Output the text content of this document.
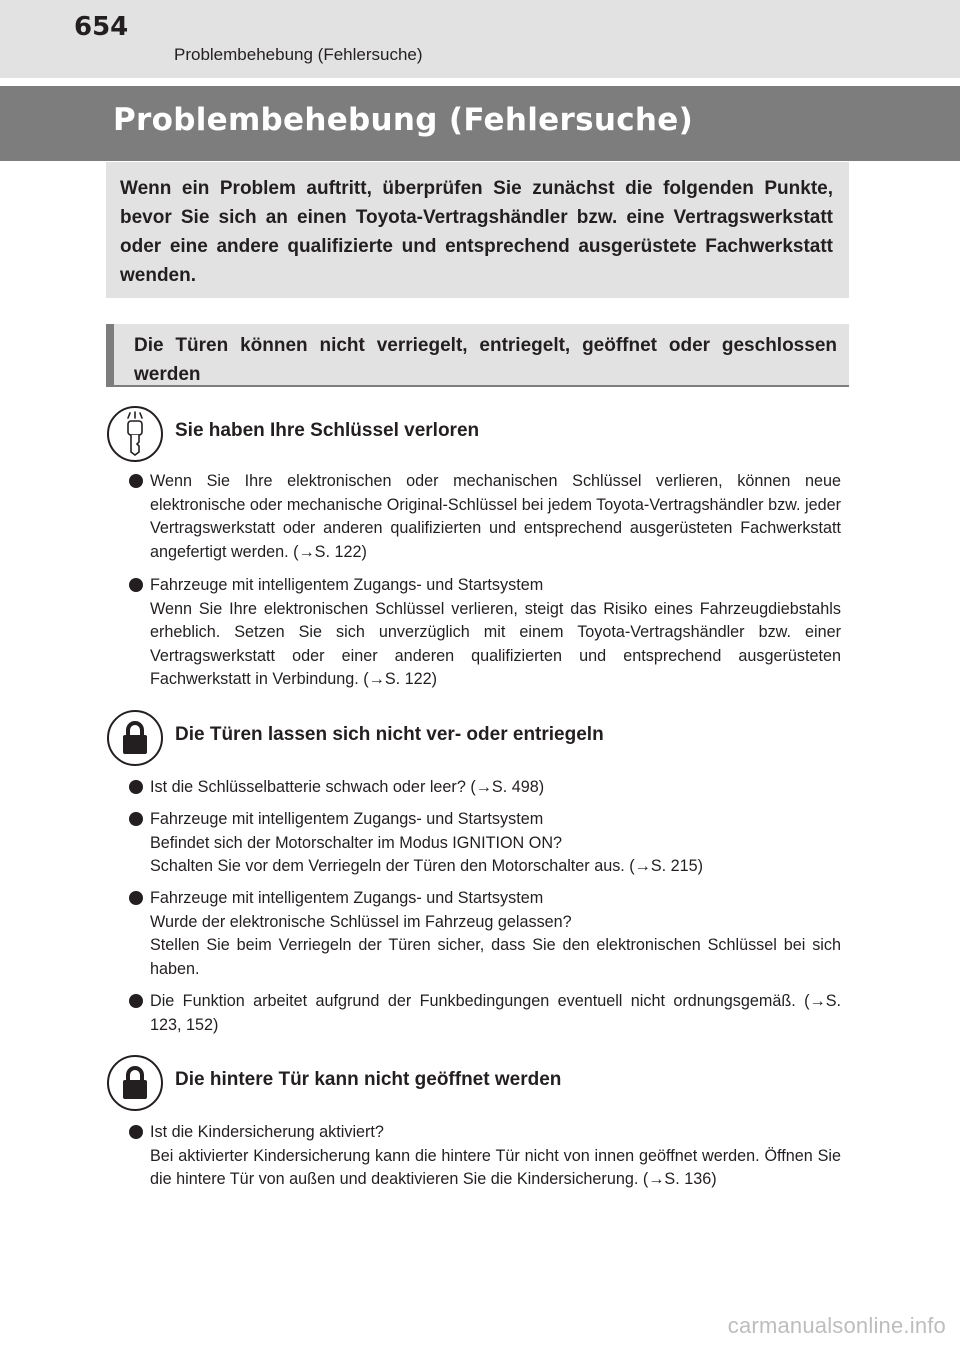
654
Problembehebung (Fehlersuche)
Problembehebung (Fehlersuche)
Wenn ein Problem auftritt, überprüfen Sie zunächst die folgenden Punkte, bevor Sie sich an einen Toyota-Vertragshändler bzw. eine Vertragswerkstatt oder eine andere qualifizierte und entsprechend ausgerüstete Fachwerkstatt wenden.
Die Türen können nicht verriegelt, entriegelt, geöffnet oder geschlossen werden
Sie haben Ihre Schlüssel verloren

Wenn Sie Ihre elektronischen oder mechanischen Schlüssel verlieren, können neue elektronische oder mechanische Original-Schlüssel bei jedem Toyota-Vertragshändler bzw. jeder Vertragswerkstatt oder anderen qualifizierten und entsprechend ausgerüsteten Fachwerkstatt angefertigt werden. (→S. 122)

Fahrzeuge mit intelligentem Zugangs- und Startsystem

Wenn Sie Ihre elektronischen Schlüssel verlieren, steigt das Risiko eines Fahrzeugdiebstahls erheblich. Setzen Sie sich unverzüglich mit einem Toyota-Vertragshändler bzw. einer Vertragswerkstatt oder einer anderen qualifizierten und entsprechend ausgerüsteten Fachwerkstatt in Verbindung. (→S. 122)

Die Türen lassen sich nicht ver- oder entriegeln

Ist die Schlüsselbatterie schwach oder leer? (→S. 498)

Fahrzeuge mit intelligentem Zugangs- und Startsystem

Befindet sich der Motorschalter im Modus IGNITION ON?

Schalten Sie vor dem Verriegeln der Türen den Motorschalter aus. (→S. 215)

Fahrzeuge mit intelligentem Zugangs- und Startsystem

Wurde der elektronische Schlüssel im Fahrzeug gelassen?

Stellen Sie beim Verriegeln der Türen sicher, dass Sie den elektronischen Schlüssel bei sich haben.

Die Funktion arbeitet aufgrund der Funkbedingungen eventuell nicht ordnungsgemäß. (→S. 123, 152)

Die hintere Tür kann nicht geöffnet werden

Ist die Kindersicherung aktiviert?

Bei aktivierter Kindersicherung kann die hintere Tür nicht von innen geöffnet werden. Öffnen Sie die hintere Tür von außen und deaktivieren Sie die Kindersicherung. (→S. 136)

carmanualsonline.info
